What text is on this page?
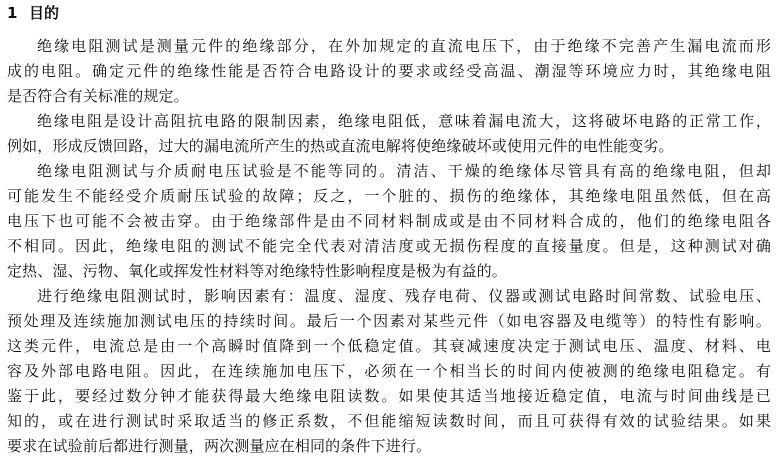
1 目的
绝缘电阻测试是测量元件的绝缘部分，在外加规定的直流电压下，由于绝缘不完善产生漏电流而形
成的电阻。确定元件的绝缘性能是否符合电路设计的要求或经受高温、潮湿等环境应力时，其绝缘电阻
是否符合有关标准的规定。
绝缘电阻是设计高阻抗电路的限制因素，绝缘电阻低，意味着漏电流大，这将破坏电路的正常工作，
例如，形成反馈回路，过大的漏电流所产生的热或直流电解将使绝缘破坏或使用元件的电性能变劣。
绝缘电阻测试与介质耐电压试验是不能等同的。清洁、干燥的绝缘体尽管具有高的绝缘电阻，但却
可能发生不能经受介质耐压试验的故障；反之，一个脏的、损伤的绝缘体，其绝缘电阻虽然低，但在高
电压下也可能不会被击穿。由于绝缘部件是由不同材料制成或是由不同材料合成的，他们的绝缘电阻各
不相同。因此，绝缘电阻的测试不能完全代表对清洁度或无损伤程度的直接量度。但是，这种测试对确
定热、湿、污物、氧化或挥发性材料等对绝缘特性影响程度是极为有益的。
进行绝缘电阻测试时，影响因素有：温度、湿度、残存电荷、仪器或测试电路时间常数、试验电压、
预处理及连续施加测试电压的持续时间。最后一个因素对某些元件（如电容器及电缆等）的特性有影响。
这类元件，电流总是由一个高瞬时值降到一个低稳定值。其衰减速度决定于测试电压、温度、材料、电
容及外部电路电阻。因此，在连续施加电压下，必须在一个相当长的时间内使被测的绝缘电阻稳定。有
鉴于此，要经过数分钟才能获得最大绝缘电阻读数。如果使其适当地接近稳定值，电流与时间曲线是已
知的，或在进行测试时采取适当的修正系数，不但能缩短读数时间，而且可获得有效的试验结果。如果
要求在试验前后都进行测量，两次测量应在相同的条件下进行。
